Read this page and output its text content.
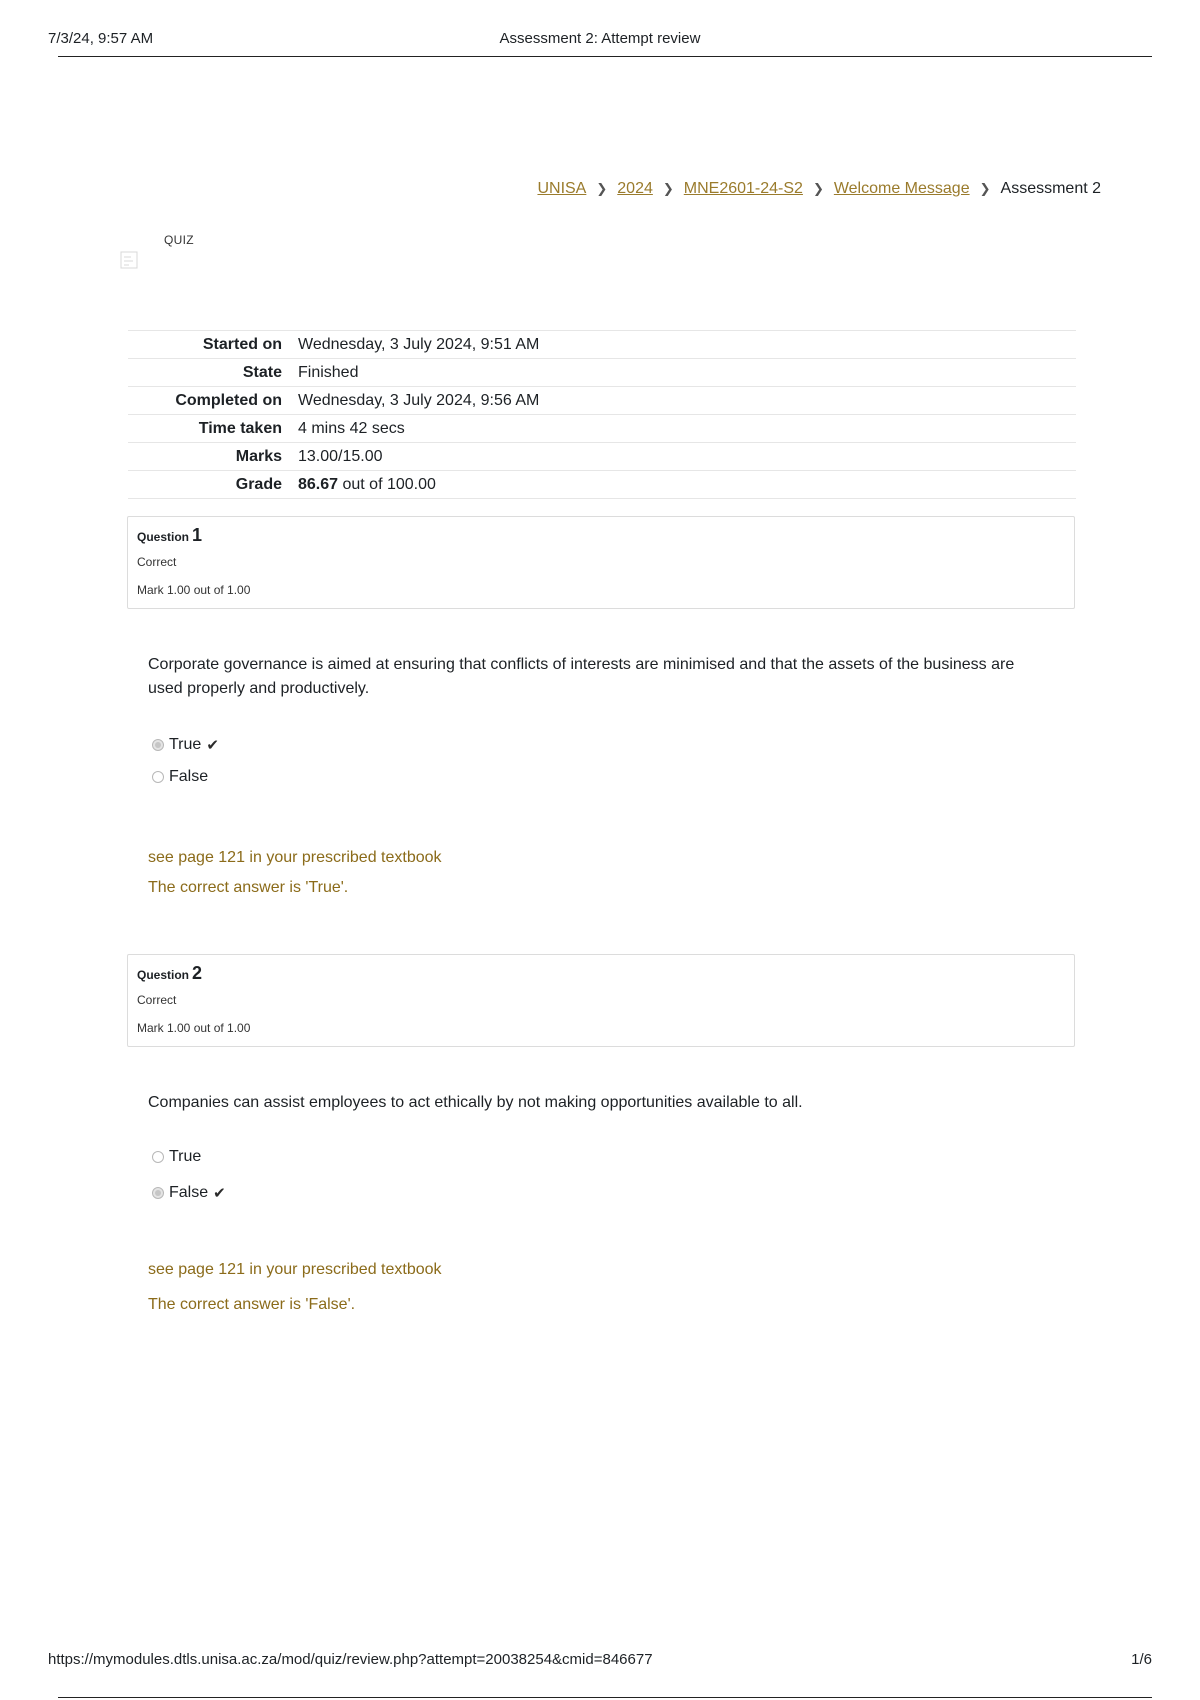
7/3/24, 9:57 AM	Assessment 2: Attempt review
UNISA ❯ 2024 ❯ MNE2601-24-S2 ❯ Welcome Message ❯ Assessment 2
QUIZ
Started on	Wednesday, 3 July 2024, 9:51 AM
State	Finished
Completed on	Wednesday, 3 July 2024, 9:56 AM
Time taken	4 mins 42 secs
Marks	13.00/15.00
Grade	86.67 out of 100.00
Question 1
Correct
Mark 1.00 out of 1.00
Corporate governance is aimed at ensuring that conflicts of interests are minimised and that the assets of the business are used properly and productively.
True ✔
False
see page 121 in your prescribed textbook
The correct answer is 'True'.
Question 2
Correct
Mark 1.00 out of 1.00
Companies can assist employees to act ethically by not making opportunities available to all.
True
False ✔
see page 121 in your prescribed textbook
The correct answer is 'False'.
https://mymodules.dtls.unisa.ac.za/mod/quiz/review.php?attempt=20038254&cmid=846677	1/6
